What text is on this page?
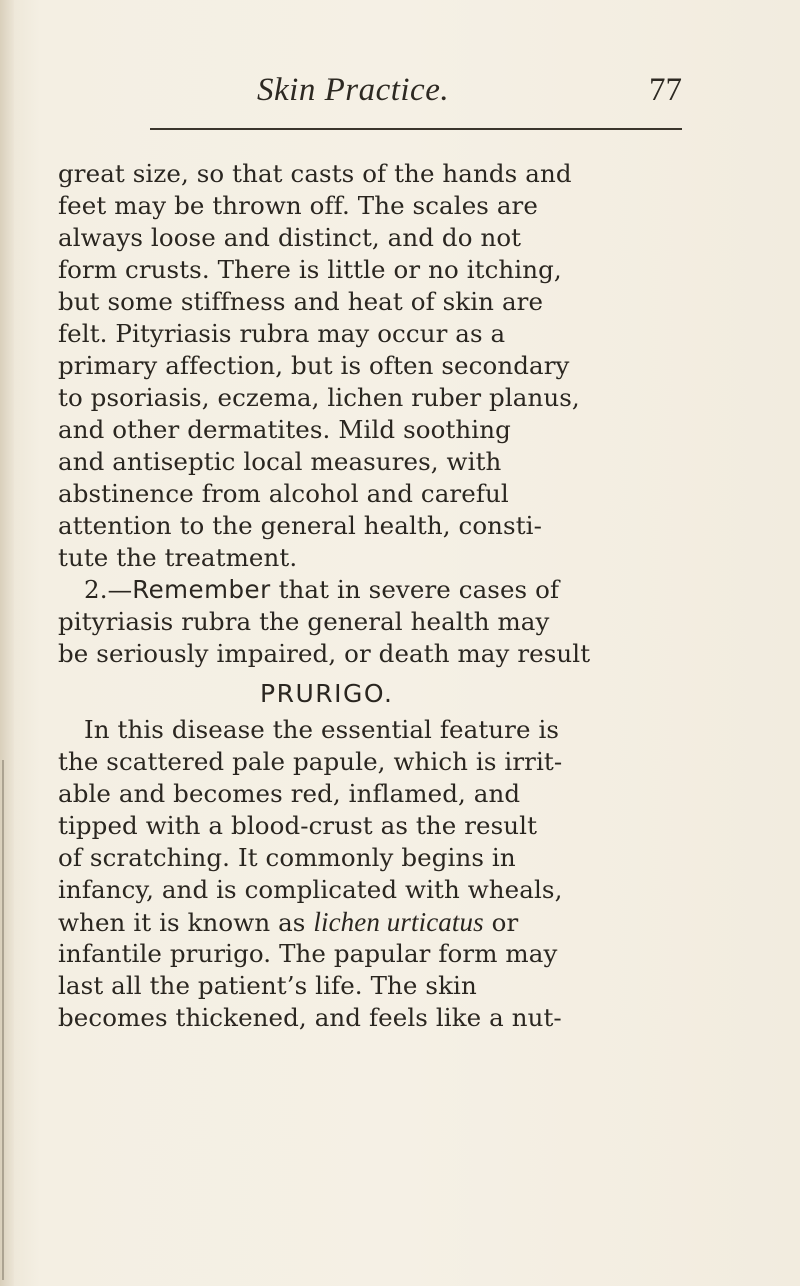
Skin Practice.	77
great size, so that casts of the hands and
feet may be thrown off. The scales are
always loose and distinct, and do not
form crusts. There is little or no itching,
but some stiffness and heat of skin are
felt. Pityriasis rubra may occur as a
primary affection, but is often secondary
to psoriasis, eczema, lichen ruber planus,
and other dermatites. Mild soothing
and antiseptic local measures, with
abstinence from alcohol and careful
attention to the general health, consti-
tute the treatment.
2.—Remember that in severe cases of
pityriasis rubra the general health may
be seriously impaired, or death may result
PRURIGO.
In this disease the essential feature is
the scattered pale papule, which is irrit-
able and becomes red, inflamed, and
tipped with a blood-crust as the result
of scratching. It commonly begins in
infancy, and is complicated with wheals,
when it is known as lichen urticatus or
infantile prurigo. The papular form may
last all the patient’s life. The skin
becomes thickened, and feels like a nut-
